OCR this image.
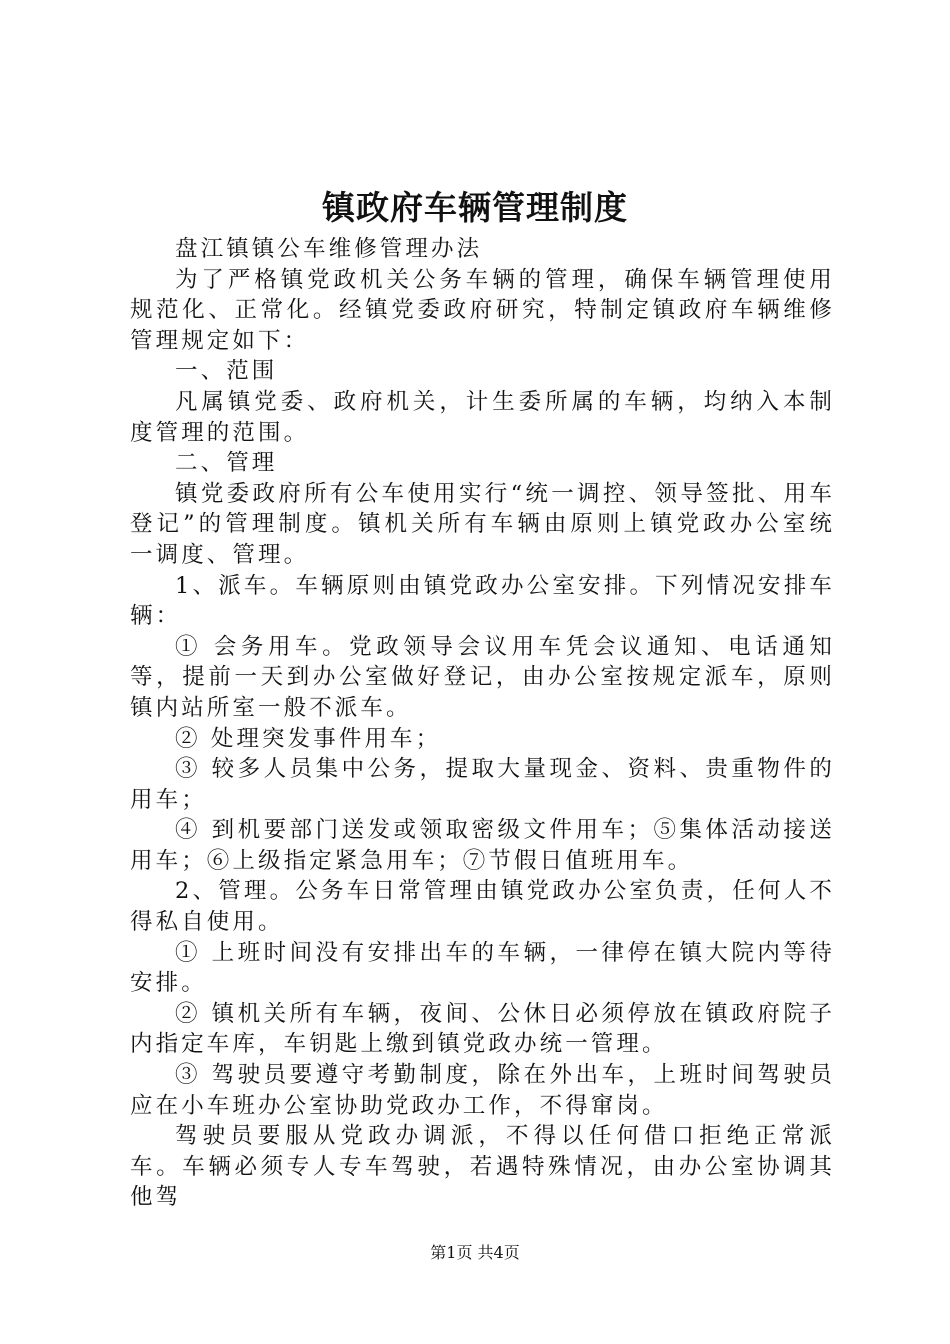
镇政府车辆管理制度

盘江镇镇公车维修管理办法

为了严格镇党政机关公务车辆的管理，确保车辆管理使用规范化、正常化。经镇党委政府研究，特制定镇政府车辆维修管理规定如下：

一、范围

凡属镇党委、政府机关，计生委所属的车辆，均纳入本制度管理的范围。

二、管理

镇党委政府所有公车使用实行“统一调控、领导签批、用车登记”的管理制度。镇机关所有车辆由原则上镇党政办公室统一调度、管理。

1、派车。车辆原则由镇党政办公室安排。下列情况安排车辆：

① 会务用车。党政领导会议用车凭会议通知、电话通知等，提前一天到办公室做好登记，由办公室按规定派车，原则镇内站所室一般不派车。

② 处理突发事件用车；

③ 较多人员集中公务，提取大量现金、资料、贵重物件的用车；

④ 到机要部门送发或领取密级文件用车；⑤集体活动接送用车；⑥上级指定紧急用车；⑦节假日值班用车。

2、管理。公务车日常管理由镇党政办公室负责，任何人不得私自使用。

① 上班时间没有安排出车的车辆，一律停在镇大院内等待安排。

② 镇机关所有车辆，夜间、公休日必须停放在镇政府院子内指定车库，车钥匙上缴到镇党政办统一管理。

③ 驾驶员要遵守考勤制度，除在外出车，上班时间驾驶员应在小车班办公室协助党政办工作，不得窜岗。

驾驶员要服从党政办调派，不得以任何借口拒绝正常派车。车辆必须专人专车驾驶，若遇特殊情况，由办公室协调其他驾

第1页 共4页
